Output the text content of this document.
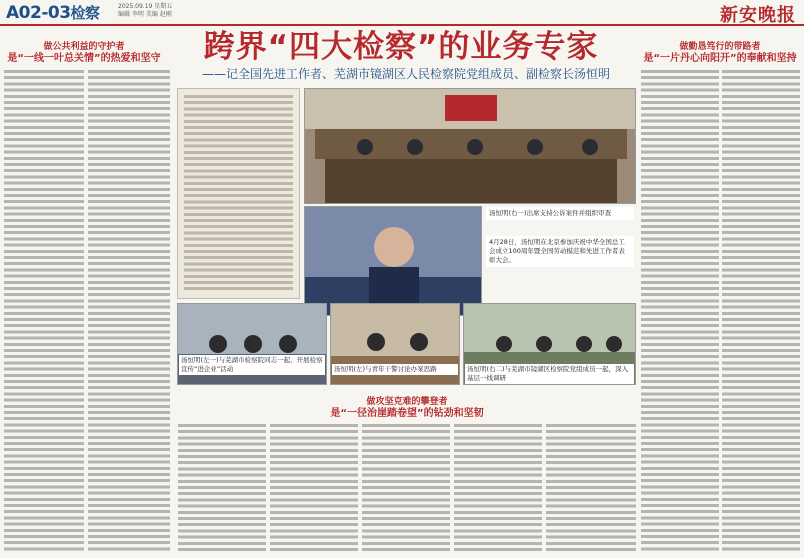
A02-03检察	2025.09.19 星期五
编辑 李明 美编 赵刚	新安晚报
做公共利益的守护者
是“一线一叶总关情”的热爱和坚守	跨界“四大检察”的业务专家
——记全国先进工作者、芜湖市镜湖区人民检察院党组成员、副检察长汤恒明
汤恒明(右一)出席支持公诉案件并组织审查
4月28日，汤恒明在北京参加庆祝中华全国总工会成立100周年暨全国劳动模范和先进工作者表彰大会。
汤恒明(左一)与芜湖市检察院同志一起，开展检察宣传“进企业”活动	汤恒明(左)与青年干警讨论办案思路	汤恒明(右二)与芜湖市镜湖区检察院党组成员一起，深入基层一线调研
做攻坚克难的攀登者
是“一径治崖踏卷望”的钻劲和坚韧
做勤恳笃行的带路者
是“一片丹心向阳开”的奉献和坚持
